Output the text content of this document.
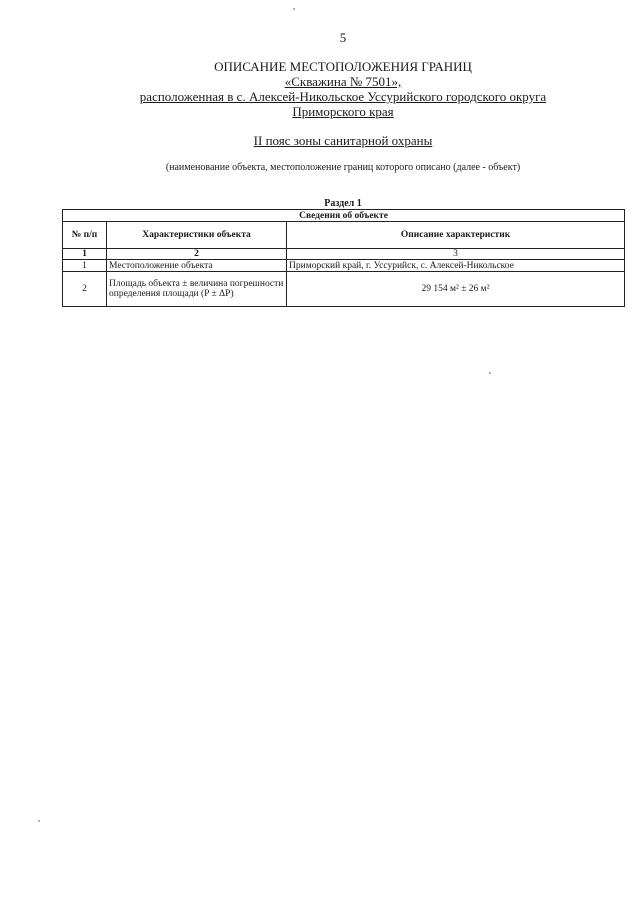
5
ОПИСАНИЕ МЕСТОПОЛОЖЕНИЯ ГРАНИЦ
«Скважина № 7501»,
расположенная в с. Алексей-Никольское Уссурийского городского округа
Приморского края
II пояс зоны санитарной охраны
(наименование объекта, местоположение границ которого описано (далее - объект)
Раздел 1
Сведения об объекте		
№ п/п	Характеристики объекта	Описание характеристик
1	2	3
1	Местоположение объекта	Приморский край, г. Уссурийск, с. Алексей-Никольское
2	Площадь объекта ± величина погрешности определения площади (P ± ΔP)	29 154 м² ± 26 м²
